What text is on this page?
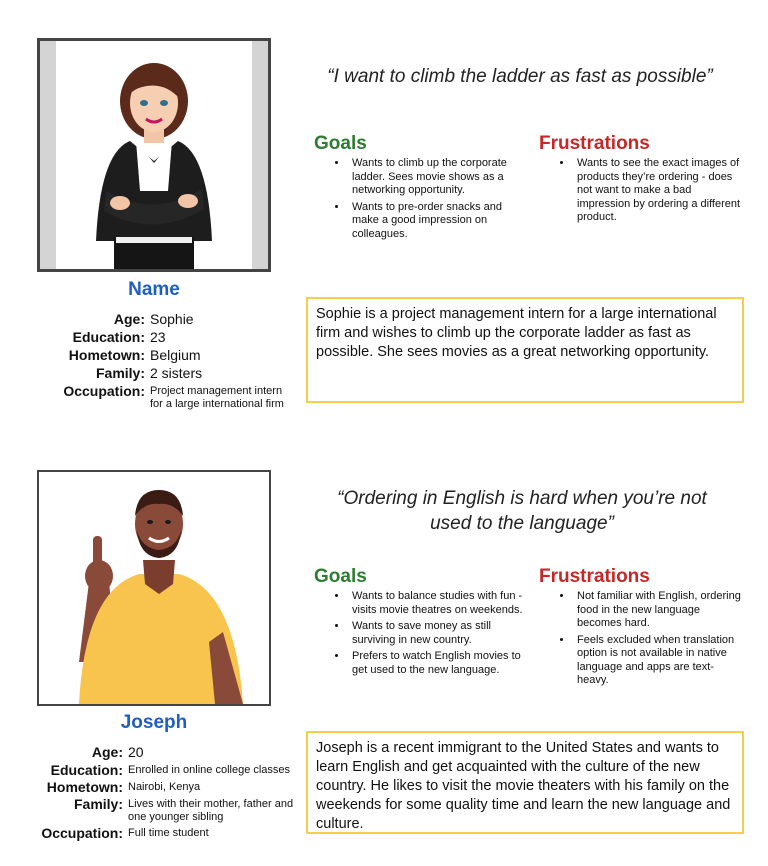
Name
Age: Sophie
Education: 23
Hometown: Belgium
Family: 2 sisters
Occupation: Project management intern for a large international firm
“I want to climb the ladder as fast as possible”
Goals
• Wants to climb up the corporate ladder. Sees movie shows as a networking opportunity.
• Wants to pre-order snacks and make a good impression on colleagues.
Frustrations
• Wants to see the exact images of products they’re ordering - does not want to make a bad impression by ordering a different product.
Sophie is a project management intern for a large international firm and wishes to climb up the corporate ladder as fast as possible. She sees movies as a great networking opportunity.
Joseph
Age: 20
Education: Enrolled in online college classes
Hometown: Nairobi, Kenya
Family: Lives with their mother, father and one younger sibling
Occupation: Full time student
“Ordering in English is hard when you’re not used to the language”
Goals
• Wants to balance studies with fun - visits movie theatres on weekends.
• Wants to save money as still surviving in new country.
• Prefers to watch English movies to get used to the new language.
Frustrations
• Not familiar with English, ordering food in the new language becomes hard.
• Feels excluded when translation option is not available in native language and apps are text-heavy.
Joseph is a recent immigrant to the United States and wants to learn English and get acquainted with the culture of the new country. He likes to visit the movie theaters with his family on the weekends for some quality time and learn the new language and culture.
